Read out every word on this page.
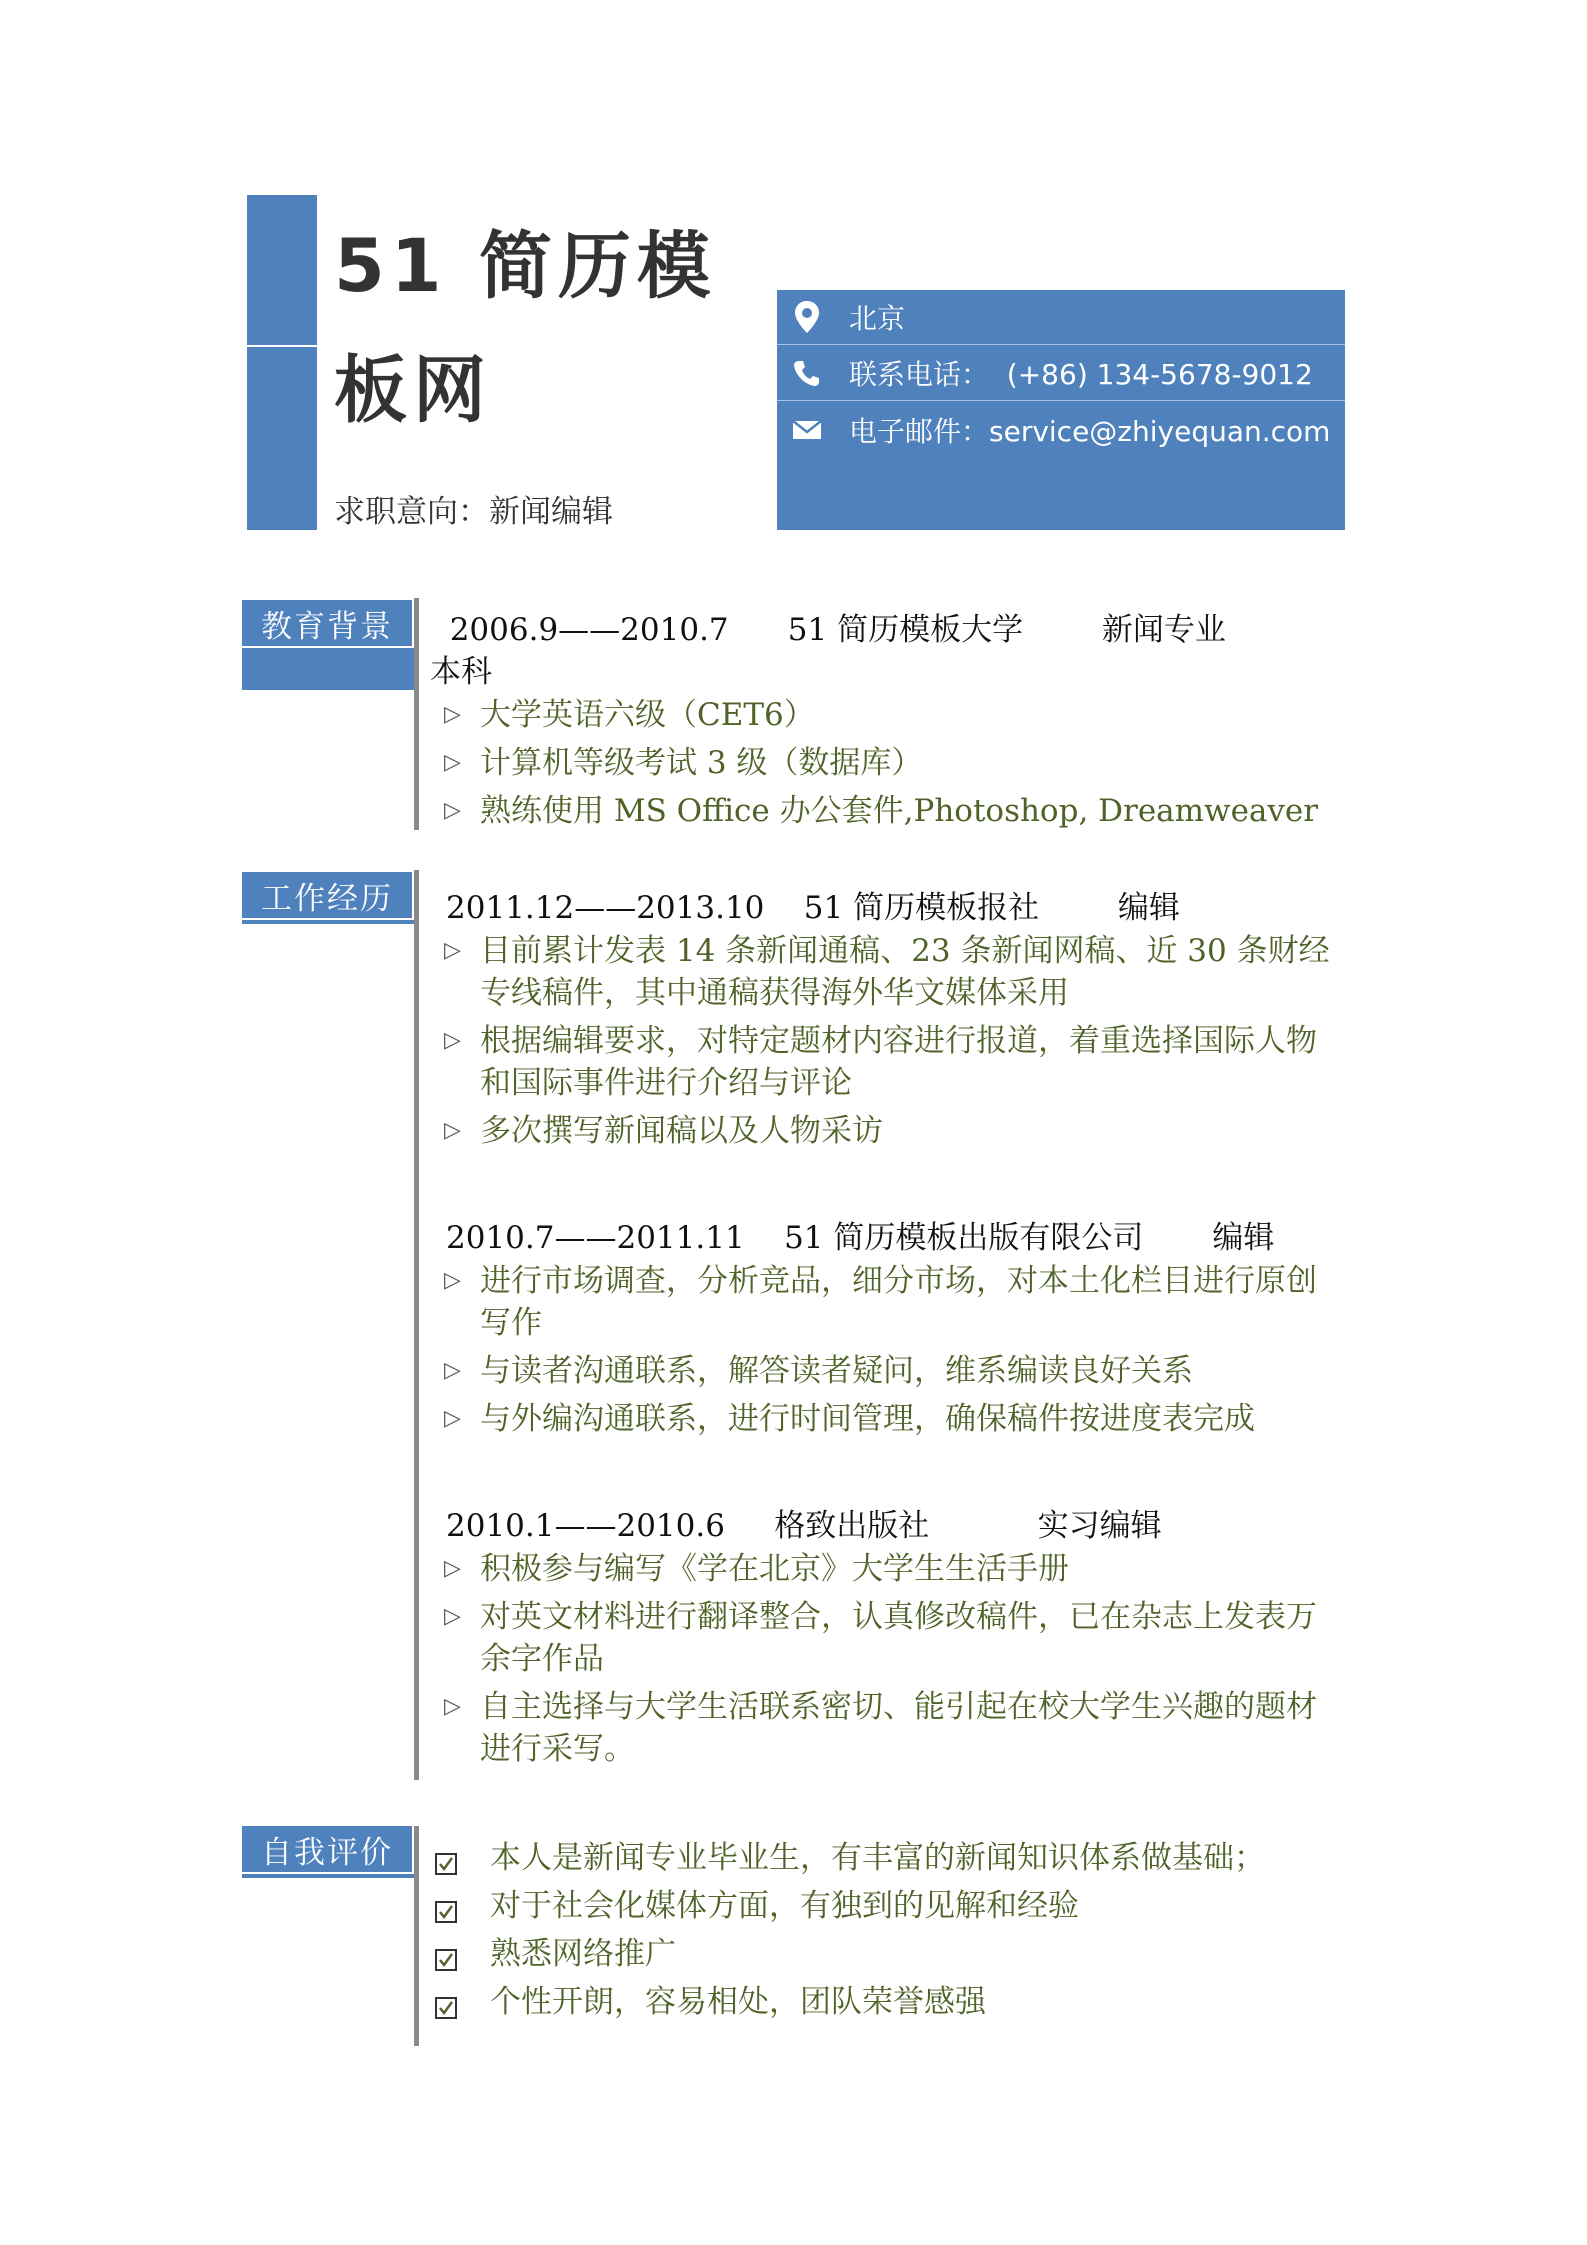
51 简历模板网
求职意向：新闻编辑
北京
联系电话：  (+86) 134-5678-9012
电子邮件：service@zhiyequan.com
教育背景	2006.9——2010.7      51 简历模板大学        新闻专业
本科
▷ 大学英语六级（CET6）
▷ 计算机等级考试 3 级（数据库）
▷ 熟练使用 MS Office 办公套件,Photoshop, Dreamweaver
工作经历	2011.12——2013.10    51 简历模板报社        编辑
▷ 目前累计发表 14 条新闻通稿、23 条新闻网稿、近 30 条财经专线稿件，其中通稿获得海外华文媒体采用
▷ 根据编辑要求，对特定题材内容进行报道，着重选择国际人物和国际事件进行介绍与评论
▷ 多次撰写新闻稿以及人物采访
2010.7——2011.11    51 简历模板出版有限公司       编辑
▷ 进行市场调查，分析竞品，细分市场，对本土化栏目进行原创写作
▷ 与读者沟通联系，解答读者疑问，维系编读良好关系
▷ 与外编沟通联系，进行时间管理，确保稿件按进度表完成
2010.1——2010.6     格致出版社           实习编辑
▷ 积极参与编写《学在北京》大学生生活手册
▷ 对英文材料进行翻译整合，认真修改稿件，已在杂志上发表万余字作品
▷ 自主选择与大学生活联系密切、能引起在校大学生兴趣的题材进行采写。
自我评价	本人是新闻专业毕业生，有丰富的新闻知识体系做基础；
对于社会化媒体方面，有独到的见解和经验
熟悉网络推广
个性开朗，容易相处，团队荣誉感强
